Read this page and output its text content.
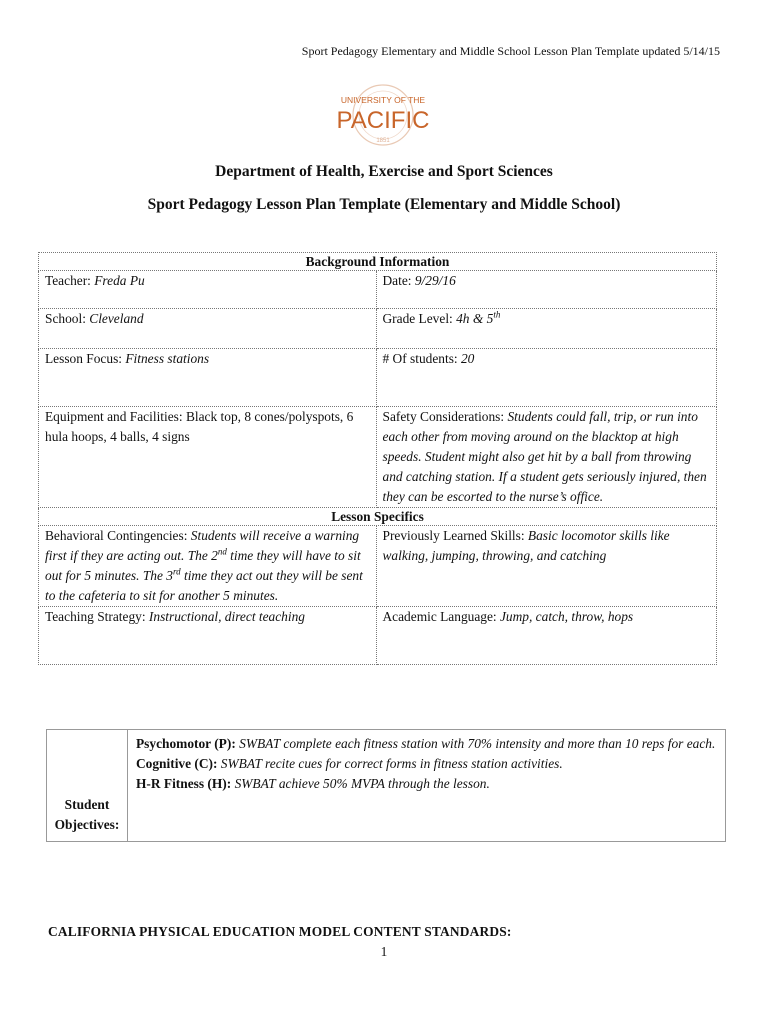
Sport Pedagogy Elementary and Middle School Lesson Plan Template updated 5/14/15
UNIVERSITY OF THE
PACIFIC
1851
Department of Health, Exercise and Sport Sciences
Sport Pedagogy Lesson Plan Template (Elementary and Middle School)
Background Information	
Teacher: Freda Pu	Date: 9/29/16
School: Cleveland	Grade Level: 4h & 5th
Lesson Focus: Fitness stations	# Of students: 20
Equipment and Facilities: Black top, 8 cones/polyspots, 6 hula hoops, 4 balls, 4 signs	Safety Considerations: Students could fall, trip, or run into each other from moving around on the blacktop at high speeds. Student might also get hit by a ball from throwing and catching station. If a student gets seriously injured, then they can be escorted to the nurse’s office.
Lesson Specifics	
Behavioral Contingencies: Students will receive a warning first if they are acting out. The 2nd time they will have to sit out for 5 minutes. The 3rd time they act out they will be sent to the cafeteria to sit for another 5 minutes.	Previously Learned Skills: Basic locomotor skills like walking, jumping, throwing, and catching
Teaching Strategy: Instructional, direct teaching	Academic Language: Jump, catch, throw, hops
Student
Objectives:

Psychomotor (P): SWBAT complete each fitness station with 70% intensity and more than 10 reps for each.
Cognitive (C): SWBAT recite cues for correct forms in fitness station activities.
H-R Fitness (H): SWBAT achieve 50% MVPA through the lesson.
CALIFORNIA PHYSICAL EDUCATION MODEL CONTENT STANDARDS:
1
